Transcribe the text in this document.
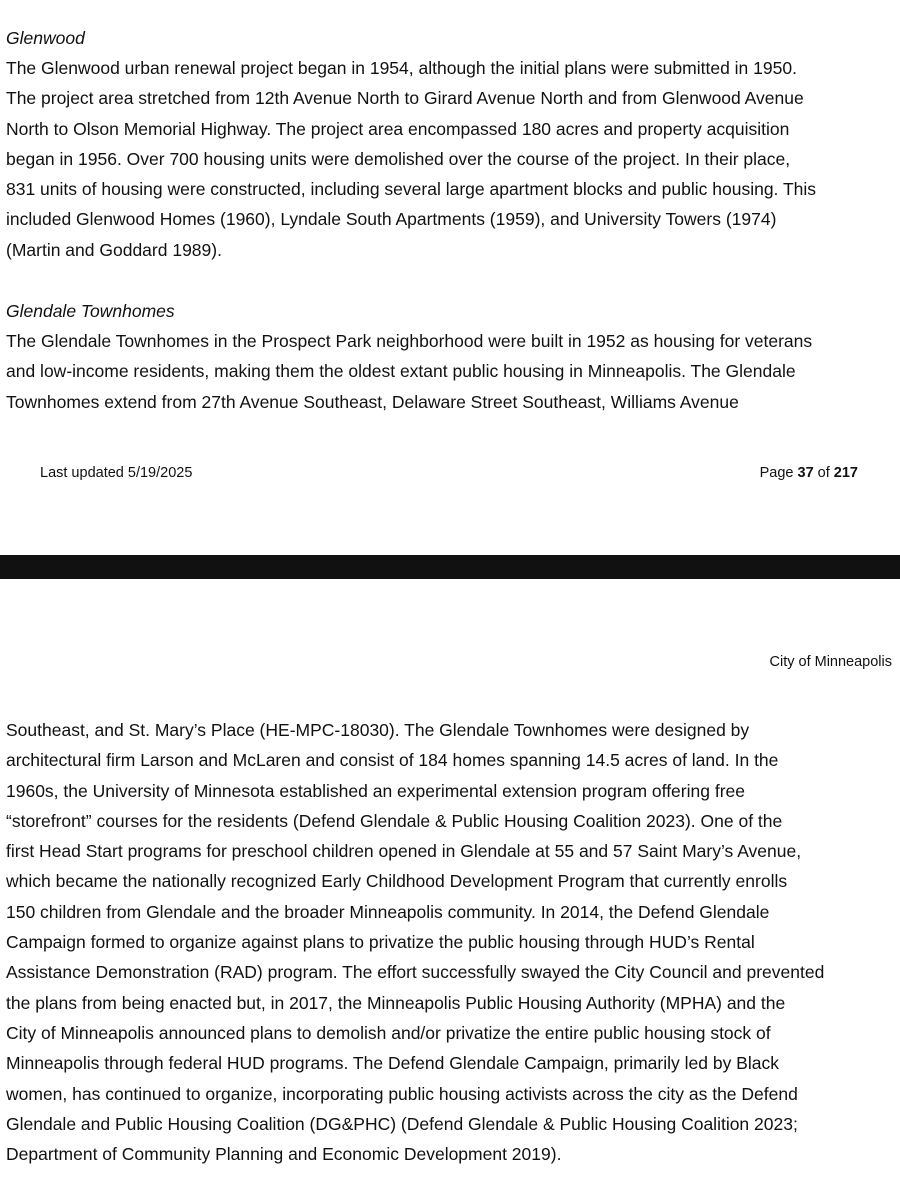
Glenwood

The Glenwood urban renewal project began in 1954, although the initial plans were submitted in 1950.
The project area stretched from 12th Avenue North to Girard Avenue North and from Glenwood Avenue
North to Olson Memorial Highway. The project area encompassed 180 acres and property acquisition
began in 1956. Over 700 housing units were demolished over the course of the project. In their place,
831 units of housing were constructed, including several large apartment blocks and public housing. This
included Glenwood Homes (1960), Lyndale South Apartments (1959), and University Towers (1974)
(Martin and Goddard 1989).

Glendale Townhomes

The Glendale Townhomes in the Prospect Park neighborhood were built in 1952 as housing for veterans
and low-income residents, making them the oldest extant public housing in Minneapolis. The Glendale
Townhomes extend from 27th Avenue Southeast, Delaware Street Southeast, Williams Avenue

Last updated 5/19/2025	Page 37 of 217
City of Minneapolis
Southeast, and St. Mary’s Place (HE-MPC-18030). The Glendale Townhomes were designed by
architectural firm Larson and McLaren and consist of 184 homes spanning 14.5 acres of land. In the
1960s, the University of Minnesota established an experimental extension program offering free
“storefront” courses for the residents (Defend Glendale & Public Housing Coalition 2023). One of the
first Head Start programs for preschool children opened in Glendale at 55 and 57 Saint Mary’s Avenue,
which became the nationally recognized Early Childhood Development Program that currently enrolls
150 children from Glendale and the broader Minneapolis community. In 2014, the Defend Glendale
Campaign formed to organize against plans to privatize the public housing through HUD’s Rental
Assistance Demonstration (RAD) program. The effort successfully swayed the City Council and prevented
the plans from being enacted but, in 2017, the Minneapolis Public Housing Authority (MPHA) and the
City of Minneapolis announced plans to demolish and/or privatize the entire public housing stock of
Minneapolis through federal HUD programs. The Defend Glendale Campaign, primarily led by Black
women, has continued to organize, incorporating public housing activists across the city as the Defend
Glendale and Public Housing Coalition (DG&PHC) (Defend Glendale & Public Housing Coalition 2023;
Department of Community Planning and Economic Development 2019).
